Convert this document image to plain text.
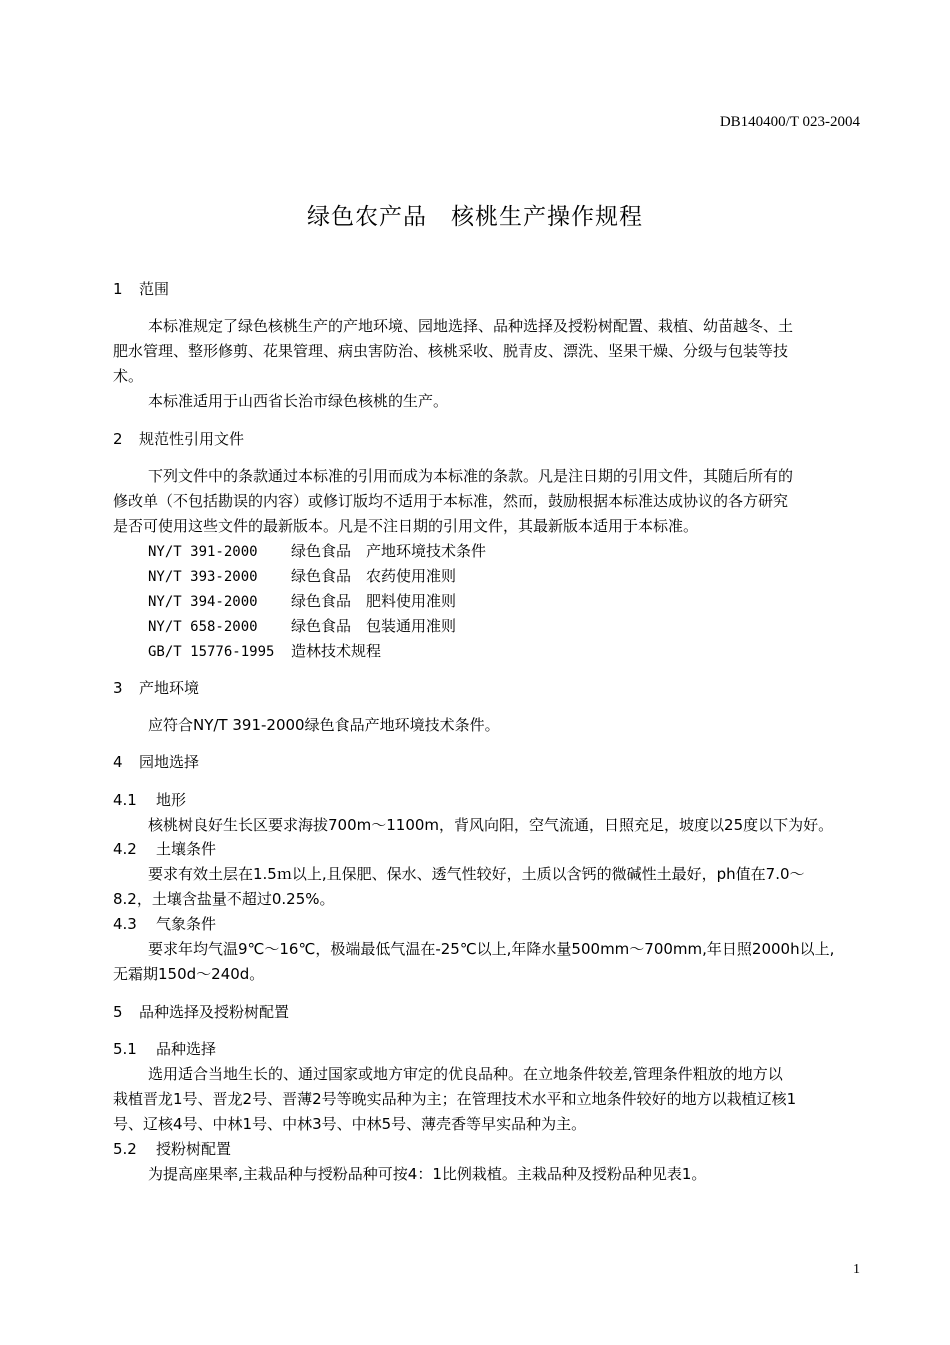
DB140400/T 023-2004
绿色农产品　核桃生产操作规程
1 范围
本标准规定了绿色核桃生产的产地环境、园地选择、品种选择及授粉树配置、栽植、幼苗越冬、土
肥水管理、整形修剪、花果管理、病虫害防治、核桃采收、脱青皮、漂洗、坚果干燥、分级与包装等技
术。
本标准适用于山西省长治市绿色核桃的生产。
2 规范性引用文件
下列文件中的条款通过本标准的引用而成为本标准的条款。凡是注日期的引用文件，其随后所有的
修改单（不包括勘误的内容）或修订版均不适用于本标准，然而，鼓励根据本标准达成协议的各方研究
是否可使用这些文件的最新版本。凡是不注日期的引用文件，其最新版本适用于本标准。
NY/T 391-2000 绿色食品　产地环境技术条件
NY/T 393-2000 绿色食品　农药使用准则
NY/T 394-2000 绿色食品　肥料使用准则
NY/T 658-2000 绿色食品　包装通用准则
GB/T 15776-1995 造林技术规程
3 产地环境
应符合NY/T 391-2000绿色食品产地环境技术条件。
4 园地选择
4.1 地形
核桃树良好生长区要求海拔700m～1100m，背风向阳，空气流通，日照充足，坡度以25度以下为好。
4.2 土壤条件
要求有效土层在1.5ｍ以上,且保肥、保水、透气性较好，土质以含钙的微碱性土最好，ph值在7.0～
8.2，土壤含盐量不超过0.25%。
4.3 气象条件
要求年均气温9℃～16℃，极端最低气温在-25℃以上,年降水量500mm～700mm,年日照2000h以上,
无霜期150d～240d。
5 品种选择及授粉树配置
5.1 品种选择
选用适合当地生长的、通过国家或地方审定的优良品种。在立地条件较差,管理条件粗放的地方以
栽植晋龙1号、晋龙2号、晋薄2号等晚实品种为主；在管理技术水平和立地条件较好的地方以栽植辽核1
号、辽核4号、中林1号、中林3号、中林5号、薄壳香等早实品种为主。
5.2 授粉树配置
为提高座果率,主栽品种与授粉品种可按4：1比例栽植。主栽品种及授粉品种见表1。
1
